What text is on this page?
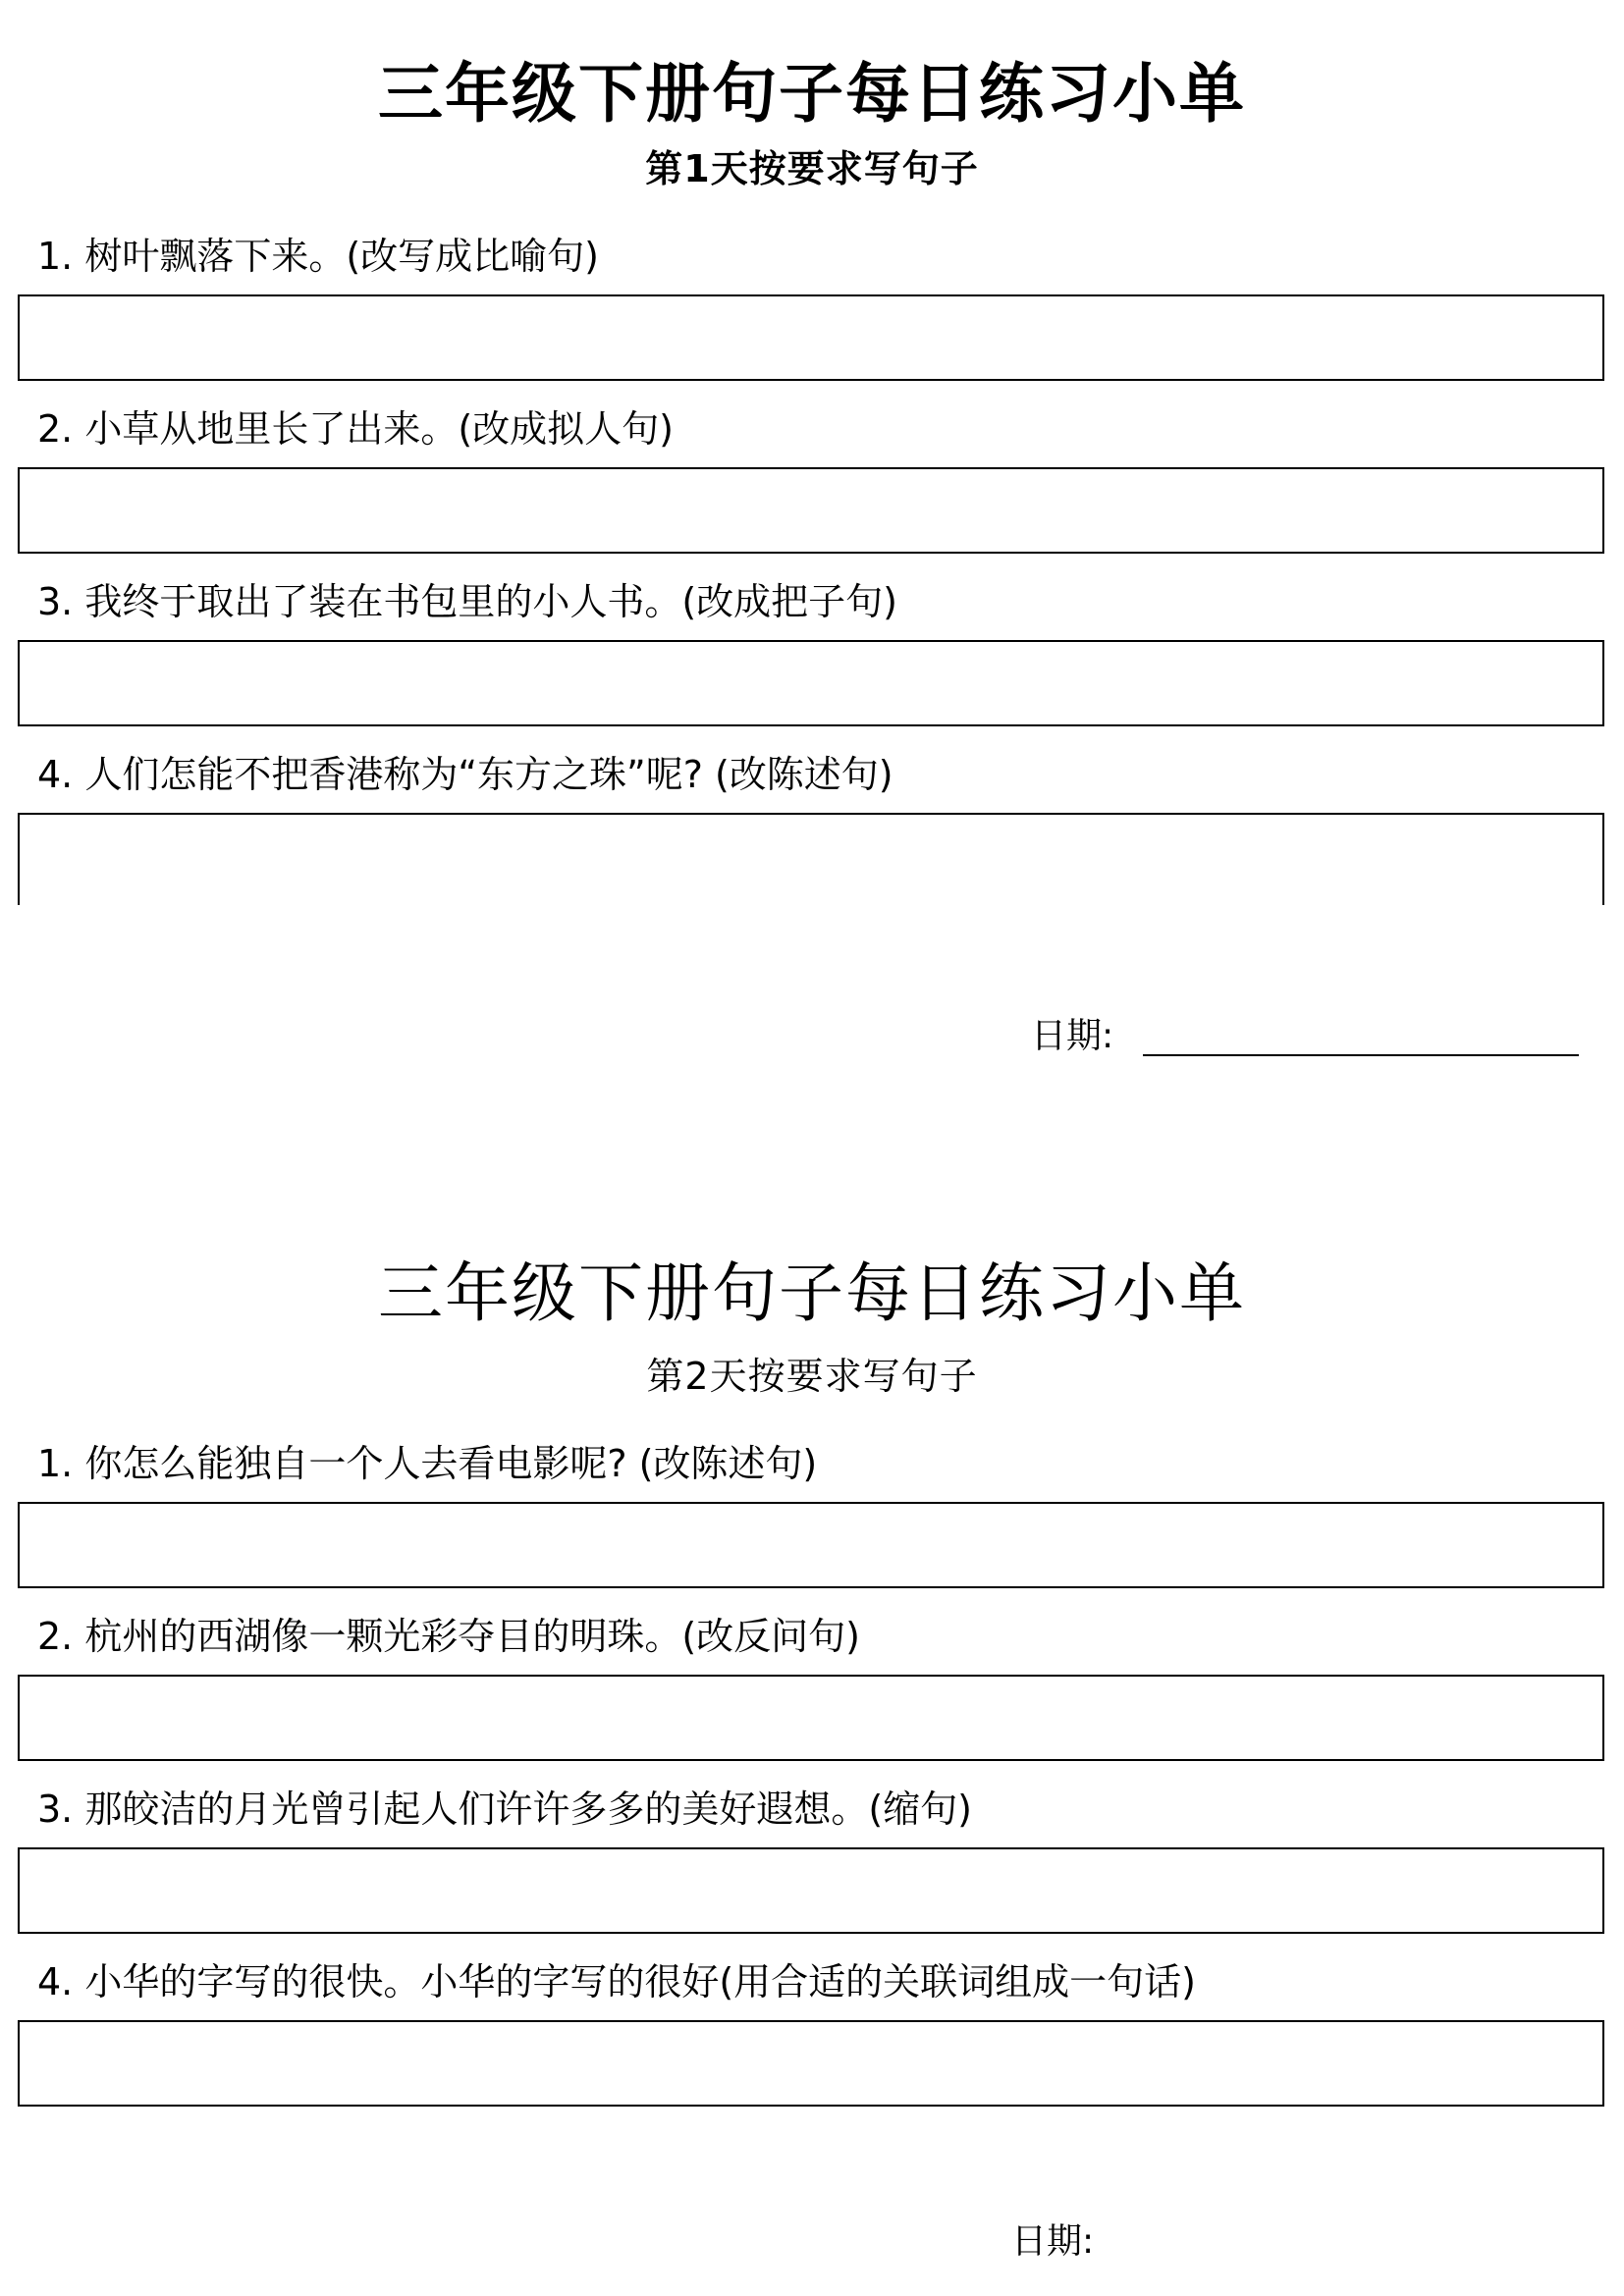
三年级下册句子每日练习小单
第1天按要求写句子
1. 树叶飘落下来。(改写成比喻句)
2. 小草从地里长了出来。(改成拟人句)
3. 我终于取出了装在书包里的小人书。(改成把子句)
4. 人们怎能不把香港称为“东方之珠”呢? (改陈述句)
日期:
三年级下册句子每日练习小单
第2天按要求写句子
1. 你怎么能独自一个人去看电影呢? (改陈述句)
2. 杭州的西湖像一颗光彩夺目的明珠。(改反问句)
3. 那皎洁的月光曾引起人们许许多多的美好遐想。(缩句)
4. 小华的字写的很快。小华的字写的很好(用合适的关联词组成一句话)
日期:
